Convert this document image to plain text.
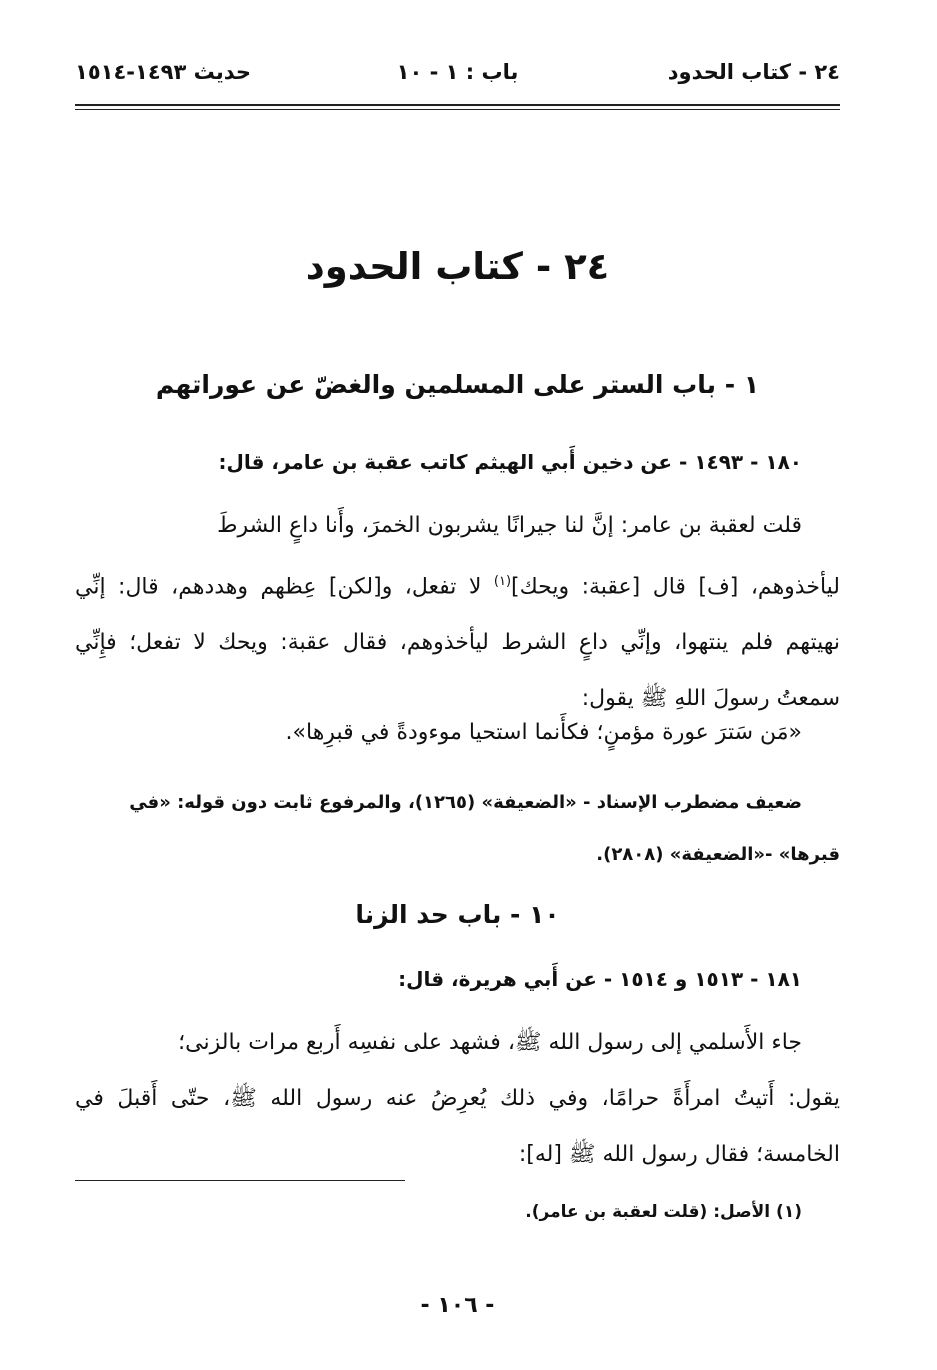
٢٤ - كتاب الحدود
باب : ١ - ١٠
حديث ١٤٩٣-١٥١٤
٢٤ - كتاب الحدود
١ - باب الستر على المسلمين والغضّ عن عوراتهم
١٨٠ - ١٤٩٣ - عن دخين أَبي الهيثم كاتب عقبة بن عامر، قال:
قلت لعقبة بن عامر: إنَّ لنا جيرانًا يشربون الخمرَ، وأَنا داعٍ الشرطَ
ليأخذوهم، [ف] قال [عقبة: ويحك]$^{(١)}$ لا تفعل، و[لكن] عِظهم وهددهم، قال: إنِّي نهيتهم فلم ينتهوا، وإنِّي داعٍ الشرط ليأخذوهم، فقال عقبة: ويحك لا تفعل؛ فإِنِّي سمعتُ رسولَ اللهِ ﷺ يقول:
«مَن سَترَ عورة مؤمنٍ؛ فكأَنما استحيا موءودةً في قبرِها».
ضعيف مضطرب الإسناد - «الضعيفة» (١٢٦٥)، والمرفوع ثابت دون قوله: «في
قبرها» -«الضعيفة» (٢٨٠٨).
١٠ - باب حد الزنا
١٨١ - ١٥١٣ و ١٥١٤ - عن أَبي هريرة، قال:
جاء الأَسلمي إلى رسول الله ﷺ، فشهد على نفسِه أَربع مرات بالزنى؛
يقول: أَتيتُ امرأَةً حرامًا، وفي ذلك يُعرِضُ عنه رسول الله ﷺ، حتّى أَقبلَ في الخامسة؛ فقال رسول الله ﷺ [له]:
(١) الأصل: (قلت لعقبة بن عامر).
- ١٠٦ -
